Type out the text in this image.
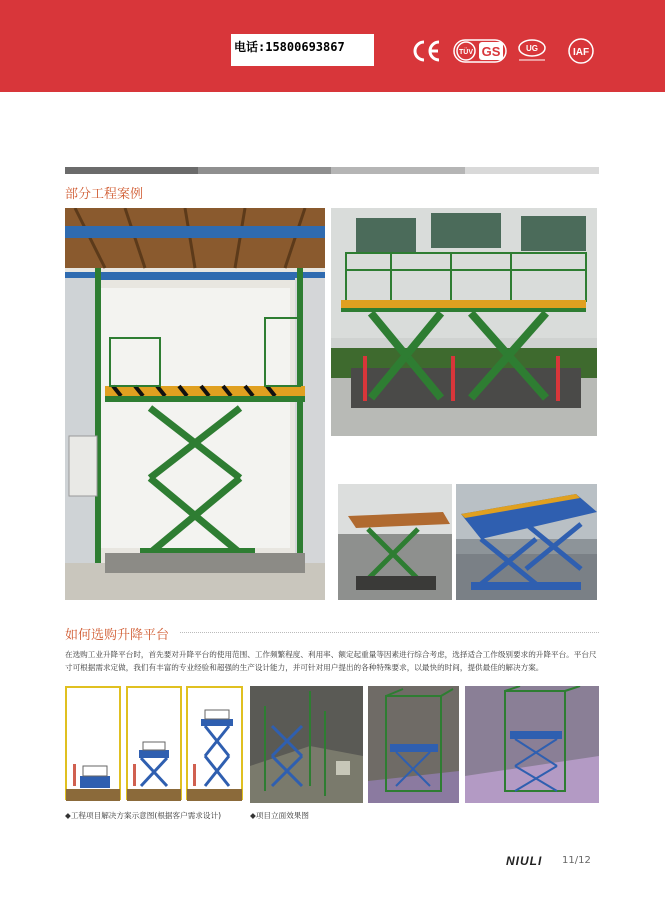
电话:15800693867	TÜV GS	UG	IAF
部分工程案例
如何选购升降平台
在选购工业升降平台时，首先要对升降平台的使用范围、工作频繁程度、利用率、额定起重量等因素进行综合考虑，选择适合工作级别要求的升降平台。平台尺寸可根据需求定做，我们有丰富的专业经验和超强的生产设计能力，并可针对用户提出的各种特殊要求，以最快的时间，提供最佳的解决方案。
◆工程项目解决方案示意图(根据客户需求设计)	◆项目立面效果图
NIULI 11/12
